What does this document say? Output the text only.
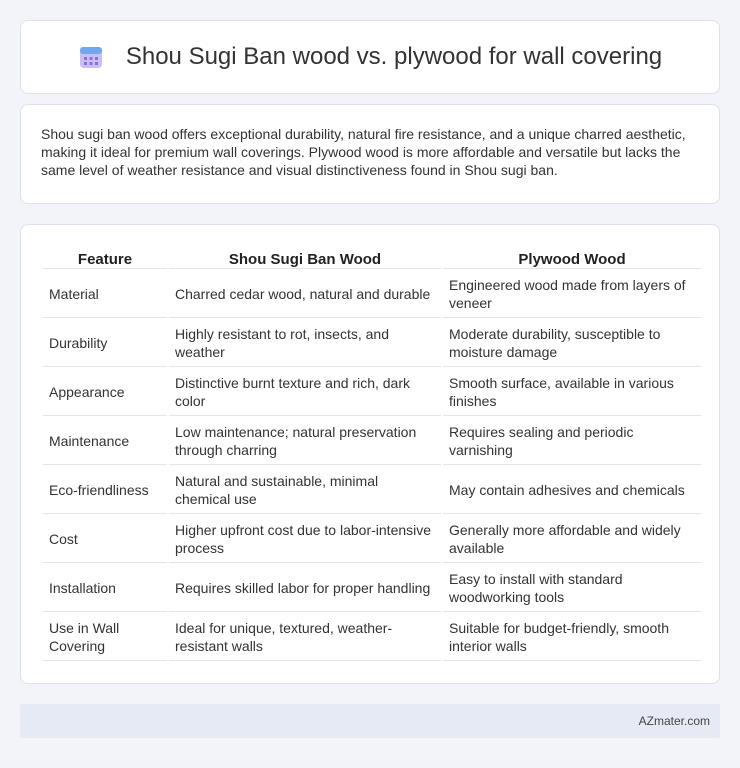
Shou Sugi Ban wood vs. plywood for wall covering

Shou sugi ban wood offers exceptional durability, natural fire resistance, and a unique charred aesthetic, making it ideal for premium wall coverings. Plywood wood is more affordable and versatile but lacks the same level of weather resistance and visual distinctiveness found in Shou sugi ban.

Feature	Shou Sugi Ban Wood	Plywood Wood
Material	Charred cedar wood, natural and durable	Engineered wood made from layers of veneer
Durability	Highly resistant to rot, insects, and weather	Moderate durability, susceptible to moisture damage
Appearance	Distinctive burnt texture and rich, dark color	Smooth surface, available in various finishes
Maintenance	Low maintenance; natural preservation through charring	Requires sealing and periodic varnishing
Eco-friendliness	Natural and sustainable, minimal chemical use	May contain adhesives and chemicals
Cost	Higher upfront cost due to labor-intensive process	Generally more affordable and widely available
Installation	Requires skilled labor for proper handling	Easy to install with standard woodworking tools
Use in Wall Covering	Ideal for unique, textured, weather-resistant walls	Suitable for budget-friendly, smooth interior walls
AZmater.com
